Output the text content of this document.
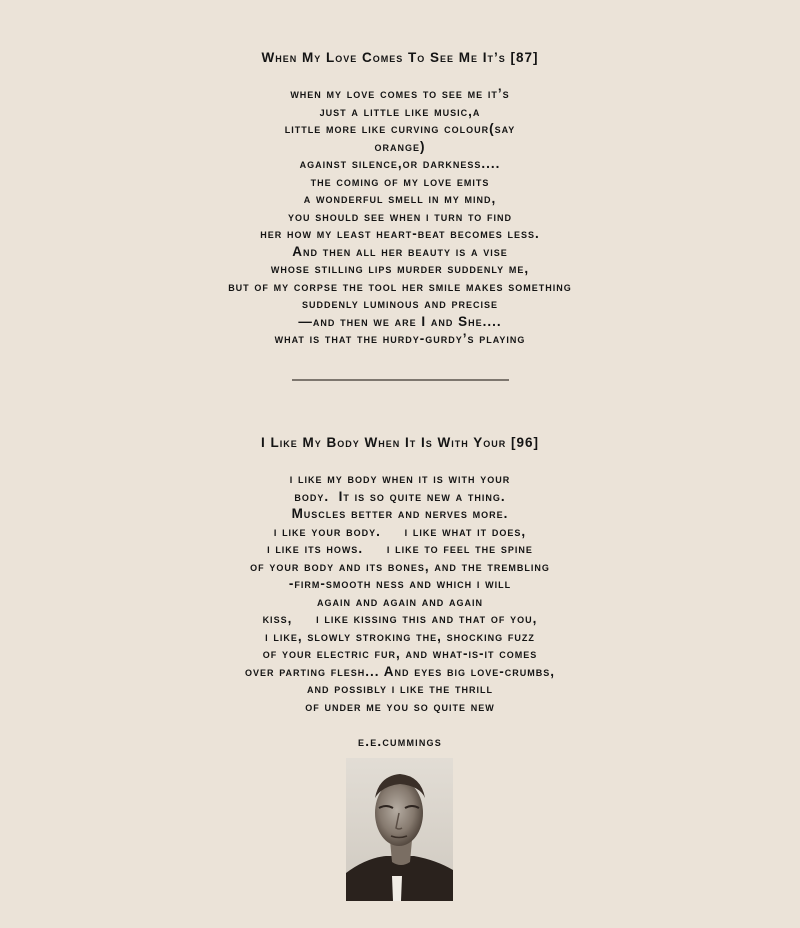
When My Love Comes To See Me It’s [87]
when my love comes to see me it’s
just a little like music,a
little more like curving colour(say
orange)
against silence,or darkness....
the coming of my love emits
a wonderful smell in my mind,
you should see when i turn to find
her how my least heart-beat becomes less.
And then all her beauty is a vise
whose stilling lips murder suddenly me,
but of my corpse the tool her smile makes something
suddenly luminous and precise
—and then we are I and She....
what is that the hurdy-gurdy’s playing
I Like My Body When It Is With Your [96]
i like my body when it is with your
body.  It is so quite new a thing.
Muscles better and nerves more.
i like your body.     i like what it does,
i like its hows.     i like to feel the spine
of your body and its bones, and the trembling
-firm-smooth ness and which i will
again and again and again
kiss,     i like kissing this and that of you,
i like, slowly stroking the, shocking fuzz
of your electric fur, and what-is-it comes
over parting flesh... And eyes big love-crumbs,
and possibly i like the thrill
of under me you so quite new
e.e.cummings
